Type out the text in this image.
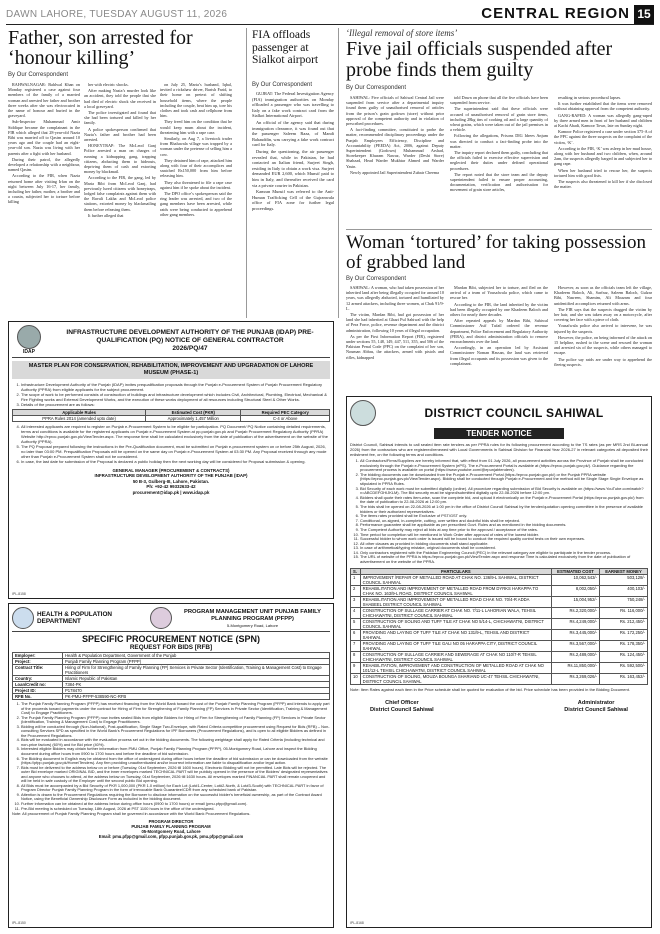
DAWN LAHORE, TUESDAY AUGUST 11, 2026	CENTRAL REGION 15
Father, son arrested for ‘honour killing’
By Our Correspondent

RAHWALNAGAR: Bahlwal Khan on Monday registered a case against four members of the family of a married woman and arrested her father and brother three weeks after she was electrocuted in the name of honour and buried in the graveyard.

Sub-Inspector Muhammad Amir Siddique became the complainant in the FIR which alleged that 28-year-old Nazia Bibi was married off to Qasim around 10 years ago and the couple had an eight-year-old son. Nazia was living with her parents after a fight with her husband.

During their patrol, the allegedly developed a relationship with a neighbour, named Qasim.

According to the FIR, when Nazia returned home after visiting Irfan on the night between July 16-17, her family, including her father, mother, a brother and a cousin, subjected her to torture before killing

her with electric shocks.

After making Nazia’s murder look like an accident, they told the people that she had died of electric shock she received in a local graveyard.

The police investigated and found that she had been tortured and killed by her family.

A police spokesperson confirmed that Nazia’s father and brother had been arrested.

HONEYTRAP: The McLeod Ganj Police arrested a man on charges of running a kidnapping gang, trapping citizens, abducting them to hideouts, depriving them of cash and extorting money by blackmail.

According to the FIR, the gang, led by Maria Bibi from McLeod Ganj, had previously lured citizens with honeytraps, lodged false complaints against them with the Ravali Lakha and McLeod police stations, extorted money by blackmailing them before releasing them.

It further alleged that

on July 25, Maria’s husband, Iqbal, invited a rickshaw driver, Barish Farid, to their home on pretext of shifting household items, where the people including the couple, beat him up, tore his clothes and took cash and cellphone from him.

They freed him on the condition that he would keep mum about the incident, threatening him with a rape case.

Similarly, on Aug 7, a livestock trader from Bhaluwala village was trapped by a woman under the pretense of selling him a cow.

They detained him of rape, attacked him along with four of their accomplices and snatched Rs150,000 from him before releasing him.

They also threatened to file a rape case against him if he spoke about the incident.

The DPO office’s spokesperson said the ring leader was arrested, and two of the gang members have been arrested, while raids were being conducted to apprehend other gang members.

FIA offloads passenger at Sialkot airport
By Our Correspondent

GUJRAT: The Federal Investigation Agency (FIA) immigration authorities on Monday offloaded a passenger who was travelling to Italy on a fake work contract card from the Sialkot International Airport.

An official of the agency said that during immigration clearance, it was found out that the passenger Saleem Raza, of Mandi Bahauddin, was carrying a fake work contract card for Italy.

During the questioning, the air passenger revealed that, while in Pakistan, he had contacted an Italian friend, Surjeet Singh, residing in Italy to obtain a work visa. Surjeet demanded EUR 2,600, which Munsif paid to him in Italy, and thereafter received the card via a private courier in Pakistan.

Kamran Munsif was referred to the Anti-Human Trafficking Cell of the Gujranwala office of FIA zone for further legal proceedings.

‘Illegal removal of store items’
Five jail officials suspended after probe finds them guilty
By Our Correspondent

SAHIWAL: Five officials of Sahiwal Central Jail were suspended from service after a departmental inquiry found them guilty of unauthorised removal of articles from the prison’s grain godown (store) without prior approval of the competent authority and in violation of prescribed procedures.

A fact-finding committee, constituted to probe the matter, recommended disciplinary proceedings under the Punjab Employees Efficiency, Discipline and Accountability (PEEDA) Act, 2006, against Deputy Superintendent (Godown) Muhammad Arshad, Storekeeper Khuram Nawaz, Warder (Deshi Store) Shahzad, Head Warder Mukhtar Ahmed and Warder Yasin.

Newly appointed Jail Superintendent Zubair Cheema

told Dawn on phone that all the five officials have been suspended from service.

The superintendent said that these officials were accused of unauthorised removal of grain store items, including 28kg tins of cooking oil and a large quantity of wheat grains, which were taken out of the jail premises in a vehicle.

Following the allegations, Prisons DIG Idrees Anjum was directed to conduct a fact-finding probe into the matter.

The inquiry report declared them guilty, concluding that the officials failed to exercise effective supervision and neglected their duties under defined operational procedures.

The report noted that the store team and the deputy superintendent failed to ensure proper accounting, documentation, verification and authorisation for movement of grain store articles,

resulting in serious procedural lapses.

It was further established that the items were removed without obtaining approval from the competent authority.

GANG-RAPED: A woman was allegedly gang-raped by three armed men in front of her husband and children at Kachi Abadi, Kamoor Town, late on Sunday night.

Kamoor Police registered a case under section 375-A of the PPC against the three suspects on the complaint of the victim, ‘K’.

According to the FIR, ‘K’ was asleep in her mud house, along with her husband and two children, when, around 2am, the suspects allegedly barged in and subjected her to gang rape.

When her husband tried to rescue her, the suspects tortured him with good fists.

The suspects also threatened to kill her if she disclosed the matter.

Woman ‘tortured’ for taking possession of grabbed land
By Our Correspondent

SAHIWAL: A woman, who had taken possession of her inherited land after being illegally occupied for around 10 years, was allegedly abducted, tortured and humiliated by 12 armed attackers, including three women, at Chak 91/9-L.

The victim, Mardan Bibi, had got possession of her land she had inherited at Ghazi Pul Sahiwal with the help of Pera Force, police, revenue department and the district administration, following 10 years of illegal occupation.

As per the First Information Report (FIR), registered under sections 55, 148, 149, 447, 511, 355, and 506 of the Pakistan Penal Code (PPC) on the complaint of her son, Nouman Abbas, the attackers, armed with pistols and rifles, kidnapped

Mardan Bibi, subjected her to torture, and fled on the arrival of a team of Yousafwala police, which came to rescue her.

According to the FIR, the land inherited by the victim had been illegally occupied by one Khadeem Baloch and others for nearly three decades.

After repeated appeals by Mardan Bibi, Sahiwal Commissioner Asif Tufail ordered the revenue department, Police Enforcement and Regulatory Authority (PERA), and district administration officials to remove encroachments over the land.

Accordingly, in an operation led by Assistant Commissioner Noman Hassan, the land was retrieved from illegal occupants and its possession was given to the complainant.

However, as soon as the officials team left the village, Khadeem Baloch, Ali, Sarfraz, Saleem Baloch, Gulzar Bibi, Nasreen, Shamim, Ali Moazam and four unidentified accomplices returned with arms.

The FIR says that the suspects dragged the victim by her hair, and she was taken away on a motorcycle, after covering her face with a piece of cloth.

Yousafwala police also arrived to intervene, he was injured by the suspects.

However, the police, on being informed of the attack on 15 helpline, rushed to the scene and rescued the woman and arrested six of the suspects, while others managed to escape.

The police say raids are under way to apprehend the fleeing suspects.

IDAP
INFRASTRUCTURE DEVELOPMENT AUTHORITY OF THE PUNJAB (IDAP) PRE-QUALIFICATION (PQ) NOTICE OF GENERAL CONTRACTOR
2026/PQ/47
MASTER PLAN FOR CONSERVATION, REHABILITATION, IMPROVEMENT AND UPGRADATION OF LAHORE MUSEUM (PHASE-1)
1. Infrastructure Development Authority of the Punjab (IDAP) invites prequalification proposals through the Punjab e-Procurement System of Punjab Procurement Regulatory Authority (PPRA) from eligible applicants for the subject procurement.
2. The scope of work to be performed consists of construction of buildings and infrastructure development which includes Civil, Architectural, Plumbing, Electrical, Mechanical & Fire Fighting works and External Development Works, and the execution of these works deployment of all resources including Structural Steel & Other Works.
3. Details of the procurement are as follows:
Applicable Rules	Estimated Cost (PKR)	Required PEC Category
PPRA Rules 2014 (amended upto date)	Approximately 1,457 Million	C-4 or Above
4. All interested applicants are required to register on Punjab e-Procurement System to be eligible for participation. PQ Document/ PQ Notice containing detailed requirements, terms and conditions is available for the registered applicants on Punjab e-Procurement System at pp.punjab.gov.pk and Punjab Procurement Regulatory Authority (PPRA) Website http://eproc.punjab.gov.pk/ViewTender.aspx. The response time shall be calculated exclusively from the date of publication of the advertisement on the website of the Authority (PPRA).
5. The PQ Proposal prepared following the instructions in the Pre-Qualification document, must be submitted on Punjab e-procurement system on or before 25th August, 2026, no later than 03:00 PM. Prequalification Proposals will be opened on the same day on Punjab e-Procurement System at 03:30 PM. Any Proposal received through any mode other than Punjab e-Procurement System shall not be considered.
6. In case, the last date for submission of the Proposal is declared a public holiday then the next working day will be considered for Proposal submission & opening.
GENERAL MANAGER (PROCUREMENT & CONTRACTS)
INFRASTRUCTURE DEVELOPMENT AUTHORITY OF THE PUNJAB (IDAP)
50 B-3, Gulberg-III, Lahore, Pakistan.
Ph: +92-42 99332633-42
procurement@idap.pk | www.idap.pk
IPL-8158
HEALTH & POPULATION DEPARTMENT
PROGRAM MANAGEMENT UNIT PUNJAB FAMILY PLANNING PROGRAM (PFPP)
5-Montgomery Road, Lahore
SPECIFIC PROCUREMENT NOTICE (SPN)
REQUEST FOR BIDS [RFB]
Employer:	Health & Population Department, Government of the Punjab
Project:	Punjab Family Planning Program (PFPP)
Contract Title:	Hiring of Firm for Strengthening of Family Planning (FP) Services in Private Sector (Identification, Training & Management Cost) to Engage Practitioners
Country:	Islamic Republic of Pakistan
Loan/Credit no:	7384-PK
Project ID:	P178470
RFB No.	PK-PMU-PFPP-538590-NC-RFB
1. The Punjab Family Planning Program (PFPP) has received financing from the World Bank toward the cost of the Punjab Family Planning Program (PFPP) and intends to apply part of the proceeds toward payments under the contract for Hiring of Firm for Strengthening of Family Planning (FP) Services in Private Sector (Identification, Training & Management Cost) to Engage Practitioners.
2. The Punjab Family Planning Program (PFPP) now invites sealed Bids from eligible Bidders for Hiring of Firm for Strengthening of Family Planning (FP) Services in Private Sector (Identification, Training & Management Cost) to Engage Practitioners.
3. Bidding will be conducted through (Non-National), Post-qualification, Single Stage Two-Envelope, with Rated Criteria competitive procurement using Request for Bids (RFB) – Non-consulting Services SPD as specified in the World Bank’s Procurement Regulations for IPF Borrowers (Procurement Regulations), and is open to all eligible Bidders as defined in the Procurement Regulations.
4. Bids will be evaluated in accordance with the evaluation process set out in the bidding documents. The following weightage shall apply for Rated Criteria (including technical and non-price factors) (60%) and for Bid price (40%).
5. Interested eligible Bidders may obtain further information from PMU Office, Punjab Family Planning Program (PFPP), 05-Montgomery Road, Lahore and inspect the Bidding document during office hours from 0900 to 1700 hours and before the deadline of bid submission.
6. The Bidding document in English may be obtained from the office of undersigned during office hours before the deadline of bid submission or can be downloaded from the website (https://pfpp.punjab.gov.pk/Home/Tenders). Any firm providing unauthenticated and/or incorrect information are liable to disqualification and/or legal action.
7. Bids must be delivered to the address below on or before (Tuesday, 01st September, 2026 till 1600 hours). Electronic Bidding will not be permitted. Late Bids will be rejected. The outer Bid envelope marked ORIGINAL BID, and the inner envelopes marked TECHNICAL PART will be publicly opened in the presence of the Bidders’ designated representatives and anyone who chooses to attend, at the address below on Tuesday, 01st September, 2026 till 1630 hours. All envelopes marked FINANCIAL PART shall remain unopened and will be held in safe custody of the Employer until the second public Bid opening.
8. All Bids must be accompanied by a Bid Security of PKR 1,000,000 (PKR 1.0 million) for Each Lot (Lot#1-Center, Lot#2-North, & Lot#3-South) with TECHNICAL PART in favor of Program Director Punjab Family Planning Program in the form of irrevocable Bank Guarantee/CDR from any scheduled bank of Pakistan.
9. Attention is drawn to the Procurement Regulations requiring the Borrower to disclose information on the successful bidder’s beneficial ownership, as part of the Contract Award Notice, using the Beneficial Ownership Disclosure Form as included in the bidding document.
10. Further information can be obtained at the address below during office hours (0900 to 1700 hours) or email (pmu.pfpp@gmail.com).
11. Pre-Bid meeting is scheduled on Tuesday, 18th August, 2026 at PST 1100 hours in the office of the undersigned.
Note: All procurement of Punjab Family Planning Program shall be governed in accordance with the World Bank Procurement Regulations.
PROGRAM DIRECTOR
PUNJAB FAMILY PLANNING PROGRAM
05-Montgomery Road, Lahore
Email: pmu.pfpp@gmail.com, pfpp.punjab.gov.pk, pmu.pfpp@gmail.com
IPL-8150
DISTRICT COUNCIL SAHIWAL
TENDER NOTICE
District Council, Sahiwal intends to call sealed item rate tenders as per PPRA rules for its following procurement according to the TS rates (as per MRS 2nd Bi-annual 2026) from the contractors who are registered/renewed with Local Governments in Sahiwal Division for Financial Year 2026-27 in relevant categories all deposited their enlistment fee, on the following terms and conditions.
1. All Contractors/Firms/Suppliers are hereby informed that, with effect from 01 July 2026, all procurement activities across the Province of Punjab shall be conducted exclusively through the Punjab e-Procurement System (ePS). The e-Procurement Portal is available at (https://eproc.punjab.gov.pk/). Guidance regarding the procurement process is available on portal (https://www.youtube.com/@epunjabtenders).
2. The bidding documents can be downloaded from the Punjab e-Procurement Portal (https://eproc.punjab.gov.pk/) or the Punjab PPRA website (https://eproc.punjab.gov.pk/ViewTender.aspx). Bidding shall be conducted through Punjab e-Procurement and the method will be Single Stage Single Envelope as stipulated in PPRA Rules.
3. Bid Security of each work must be submitted digitally (online). All procedure regarding submission of Bid Security is available on (https://www.YouTube.com/watch?v=ABCDEFGHIJKLM). The Bid security must be signed/submitted digitally upto 22-08-2026 before 12:00 pm.
4. Bidders shall quote their rates item-wise, scan the complete bid, and upload it electronically on the Punjab e-Procurement Portal (https://eproc.punjab.gov.pk/) from the date of publication to 22-08-2026 at 12:00 pm.
5. The bids shall be opened on 22-08-2026 at 1:00 pm in the office of District Council Sahiwal by the tender/quotation opening committee in the presence of available bidders or their authorized representatives.
6. The items rates provided shall be Exclusive of PST/GST only.
7. Conditional, un-signed, in-complete, cutting, over written and doubtful bids shall be rejected.
8. Performance guarantee shall be applicable as per prescribed Govt. Rules and as mentioned in the bidding documents.
9. The Competent Authority may reject all bids at any time prior to the approval / acceptance of the rates.
10. Time period for completion will be mentioned in Work Order after approval of rates of the lowest bidder.
11. Successful bidder to whom work order is issued will be bound to conduct the required quality control tests on their own expenses.
12. All other clauses as provided in bidding documents shall stand applicable.
13. In case of arithmetical/typing mistake, original documents shall be considered.
14. Only contractors registered with the Pakistan Engineering Council (PEC) in the relevant category are eligible to participate in the tender process.
15. The URL of website of the PPRA is https://eproc.punjab.gov.pk/ViewTender.aspx and response Time is calculated exclusively from the date of publication of advertisement on the website of the PPRA.
S.	PARTICULARS	ESTIMATED COST	EARNEST MONEY
1	IMPROVEMENT /REPAIR OF METALLED ROAD AT CHAK NO. 136/9-L SAHIWAL, DISTRICT COUNCIL SAHIWAL	10,062,543/-	503,128/-
2	REHABILITATION AND IMPROVEMENT OF METALLED ROAD FROM DYRKS HARAPPA TO CHAK NO. 163/9-L ROAD, DISTRICT COUNCIL SAHIWAL	8,002,050/-	400,103/-
3	REHABILITATION AND IMPROVEMENT OF METALLED ROAD CHAK NO. 70/4-R ADDA SHABEEL DISTRICT COUNCIL SAHIWAL	15,004,952/-	750,248/-
4	CONSTRUCTION OF SULLAGE CARRIER AT CHAK NO. 7/11-L LAHORIAN WALA, TEHSIL CHICHAWATNI, DISTRICT COUNCIL SAHIWAL	Rs.2,320,000/-	Rs. 116,000/-
5	CONSTRUCTION OF SOLING AND TUFF TILE AT CHAK NO 5/14-L, CHICHAWATNI, DISTRICT COUNCIL SAHIWAL	Rs.4,249,000/-	Rs. 212,450/-
6	PROVIDING AND LAYING OF TUFF TILE AT CHAK NO 131/9-L, TEHSIL AND DISTRICT SAHIWAL	Rs.3,445,000/-	Rs. 172,250/-
7	PROVIDING AND LAYING OF TUFF TILE GALI NO 05 HARAPPA CITY, DISTRICT COUNCIL SAHIWAL	Rs.3,567,000/-	Rs. 178,350/-
8	CONSTRUCTION OF SULLAGE CARRIER AND SEWERAGE AT CHAK NO 110/7-R TEHSIL CHICHAWATNI, DISTRICT COUNCIL SAHIWAL	Rs.2,489,000/-	Rs. 124,450/-
9	REHABILITATION, IMPROVEMENT AND CONSTRUCTION OF METALLED ROAD AT CHAK NO 101/12-L TEHSIL CHICHAWATNI, DISTRICT COUNCIL SAHIWAL	Rs.11,850,000/-	Rs. 592,500/-
10	CONSTRUCTION OF SOLING, MOUZA BOUNGA SHARIAND UC-47 TEHSIL CHICHAWATNI, DISTRICT COUNCIL SAHIWAL	Rs.3,269,026/-	Rs. 163,452/-
Note: Item Rates against each item in the Price schedule shall be quoted for evaluation of the bid. Price schedule has been provided in the Bidding Document.
Chief Officer
District Council Sahiwal
Administrator
District Council Sahiwal
IPL-8168
